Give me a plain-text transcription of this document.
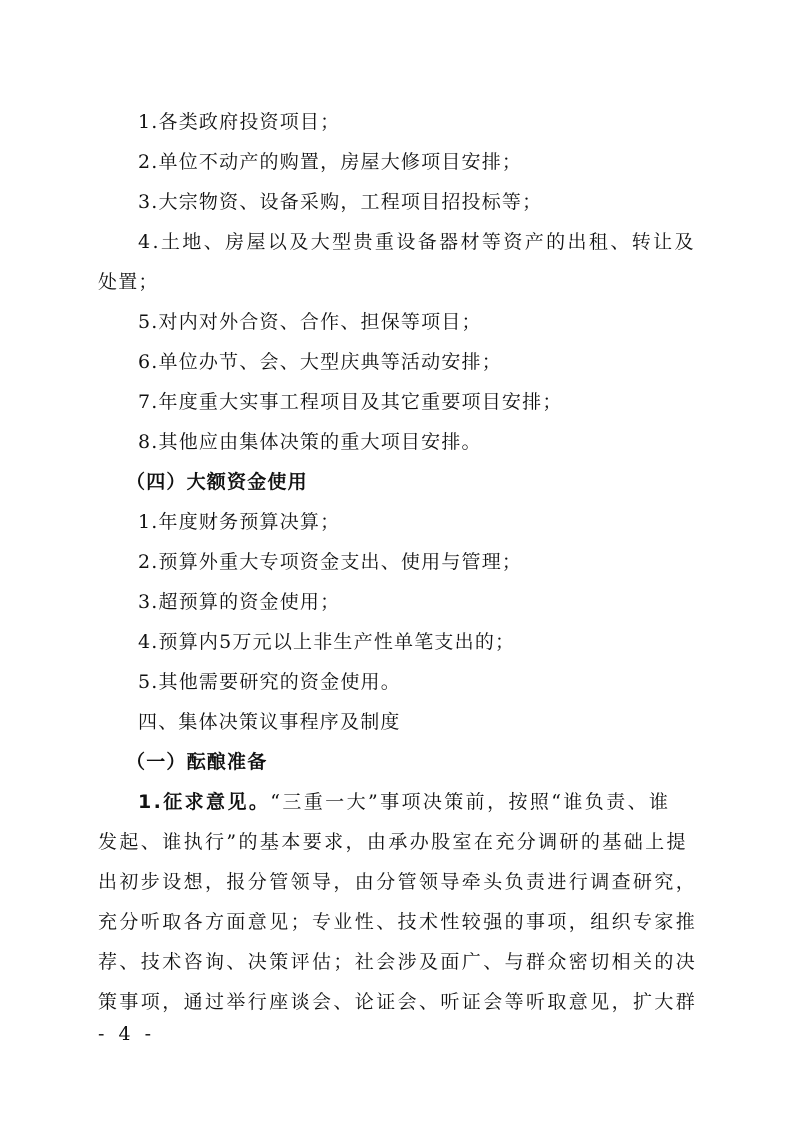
1.各类政府投资项目；
2.单位不动产的购置，房屋大修项目安排；
3.大宗物资、设备采购，工程项目招投标等；
4.土地、房屋以及大型贵重设备器材等资产的出租、转让及
处置；
5.对内对外合资、合作、担保等项目；
6.单位办节、会、大型庆典等活动安排；
7.年度重大实事工程项目及其它重要项目安排；
8.其他应由集体决策的重大项目安排。
（四）大额资金使用
1.年度财务预算决算；
2.预算外重大专项资金支出、使用与管理；
3.超预算的资金使用；
4.预算内5万元以上非生产性单笔支出的；
5.其他需要研究的资金使用。
四、集体决策议事程序及制度
（一）酝酿准备
1.征求意见。“三重一大”事项决策前，按照“谁负责、谁
发起、谁执行”的基本要求，由承办股室在充分调研的基础上提
出初步设想，报分管领导，由分管领导牵头负责进行调查研究，
充分听取各方面意见；专业性、技术性较强的事项，组织专家推
荐、技术咨询、决策评估；社会涉及面广、与群众密切相关的决
策事项，通过举行座谈会、论证会、听证会等听取意见，扩大群
- 4 -
